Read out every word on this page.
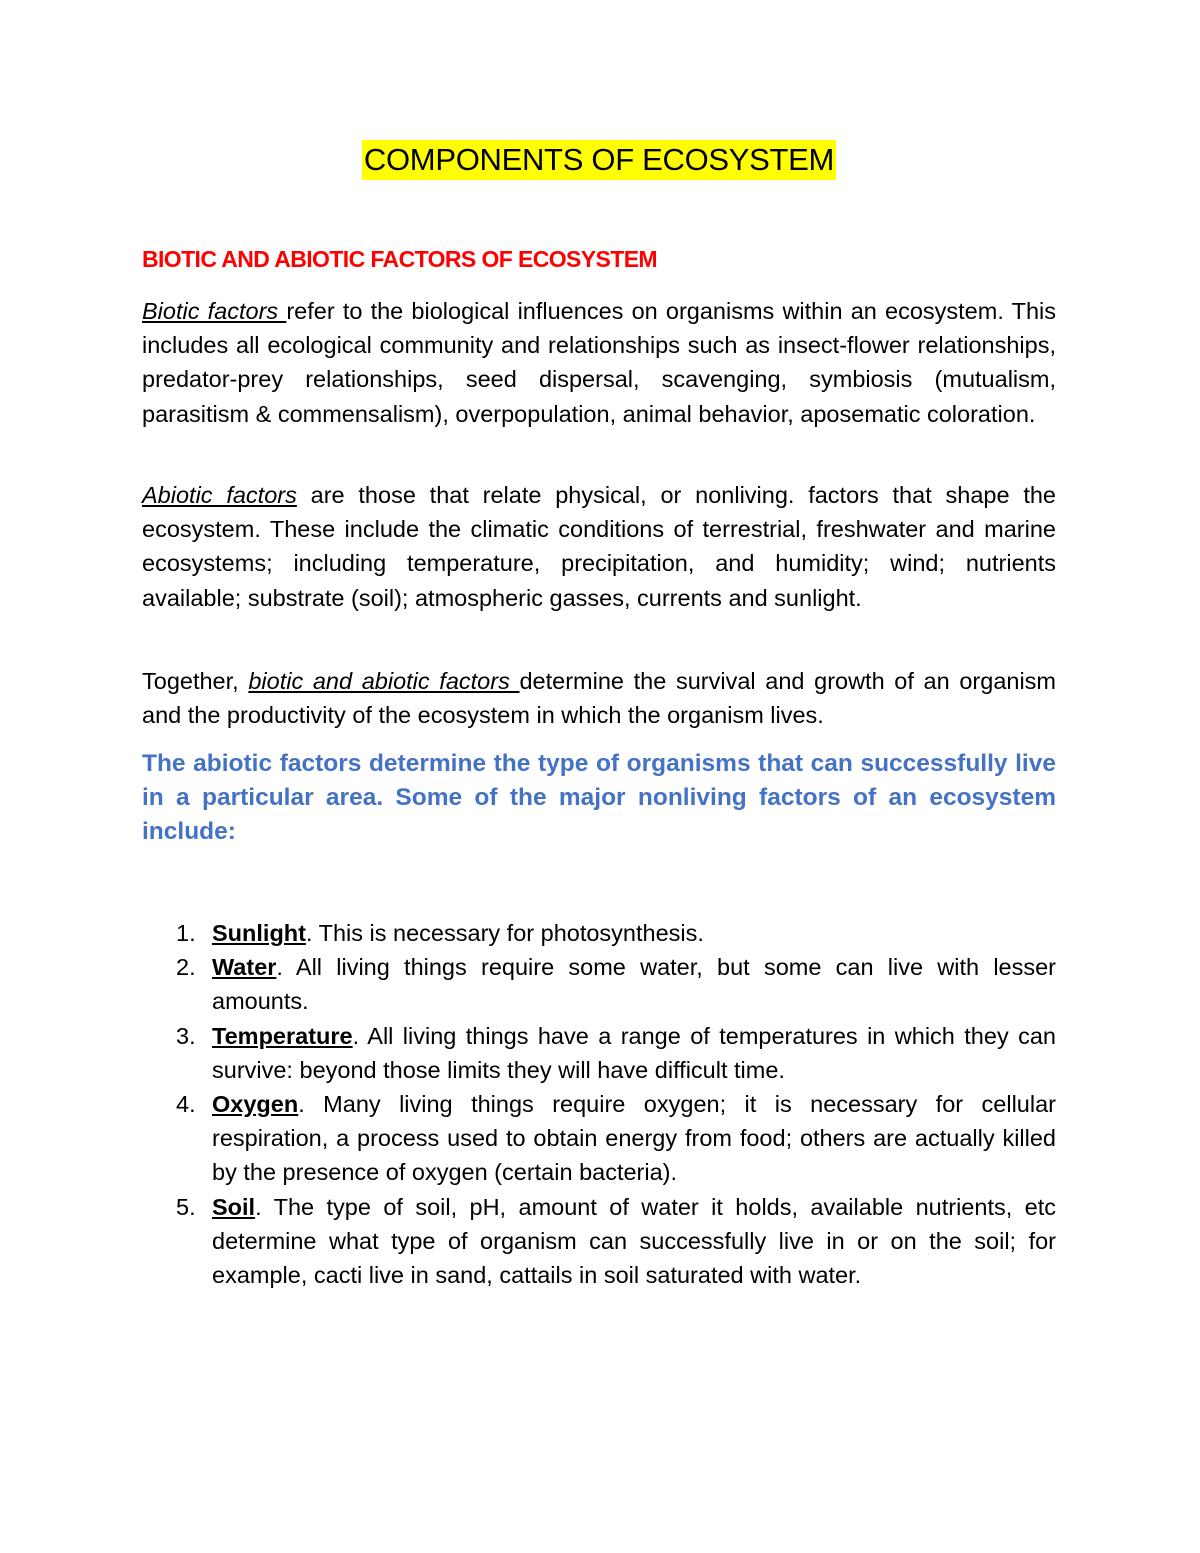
COMPONENTS OF ECOSYSTEM
BIOTIC AND ABIOTIC FACTORS OF ECOSYSTEM

Biotic factors refer to the biological influences on organisms within an ecosystem. This includes all ecological community and relationships such as insect-flower relationships, predator-prey relationships, seed dispersal, scavenging, symbiosis (mutualism, parasitism & commensalism), overpopulation, animal behavior, aposematic coloration.

Abiotic factors are those that relate physical, or nonliving. factors that shape the ecosystem. These include the climatic conditions of terrestrial, freshwater and marine ecosystems; including temperature, precipitation, and humidity; wind; nutrients available; substrate (soil); atmospheric gasses, currents and sunlight.

Together, biotic and abiotic factors determine the survival and growth of an organism and the productivity of the ecosystem in which the organism lives.

The abiotic factors determine the type of organisms that can successfully live in a particular area. Some of the major nonliving factors of an ecosystem include:

1. Sunlight. This is necessary for photosynthesis.
2. Water. All living things require some water, but some can live with lesser amounts.
3. Temperature. All living things have a range of temperatures in which they can survive: beyond those limits they will have difficult time.
4. Oxygen. Many living things require oxygen; it is necessary for cellular respiration, a process used to obtain energy from food; others are actually killed by the presence of oxygen (certain bacteria).
5. Soil. The type of soil, pH, amount of water it holds, available nutrients, etc determine what type of organism can successfully live in or on the soil; for example, cacti live in sand, cattails in soil saturated with water.
